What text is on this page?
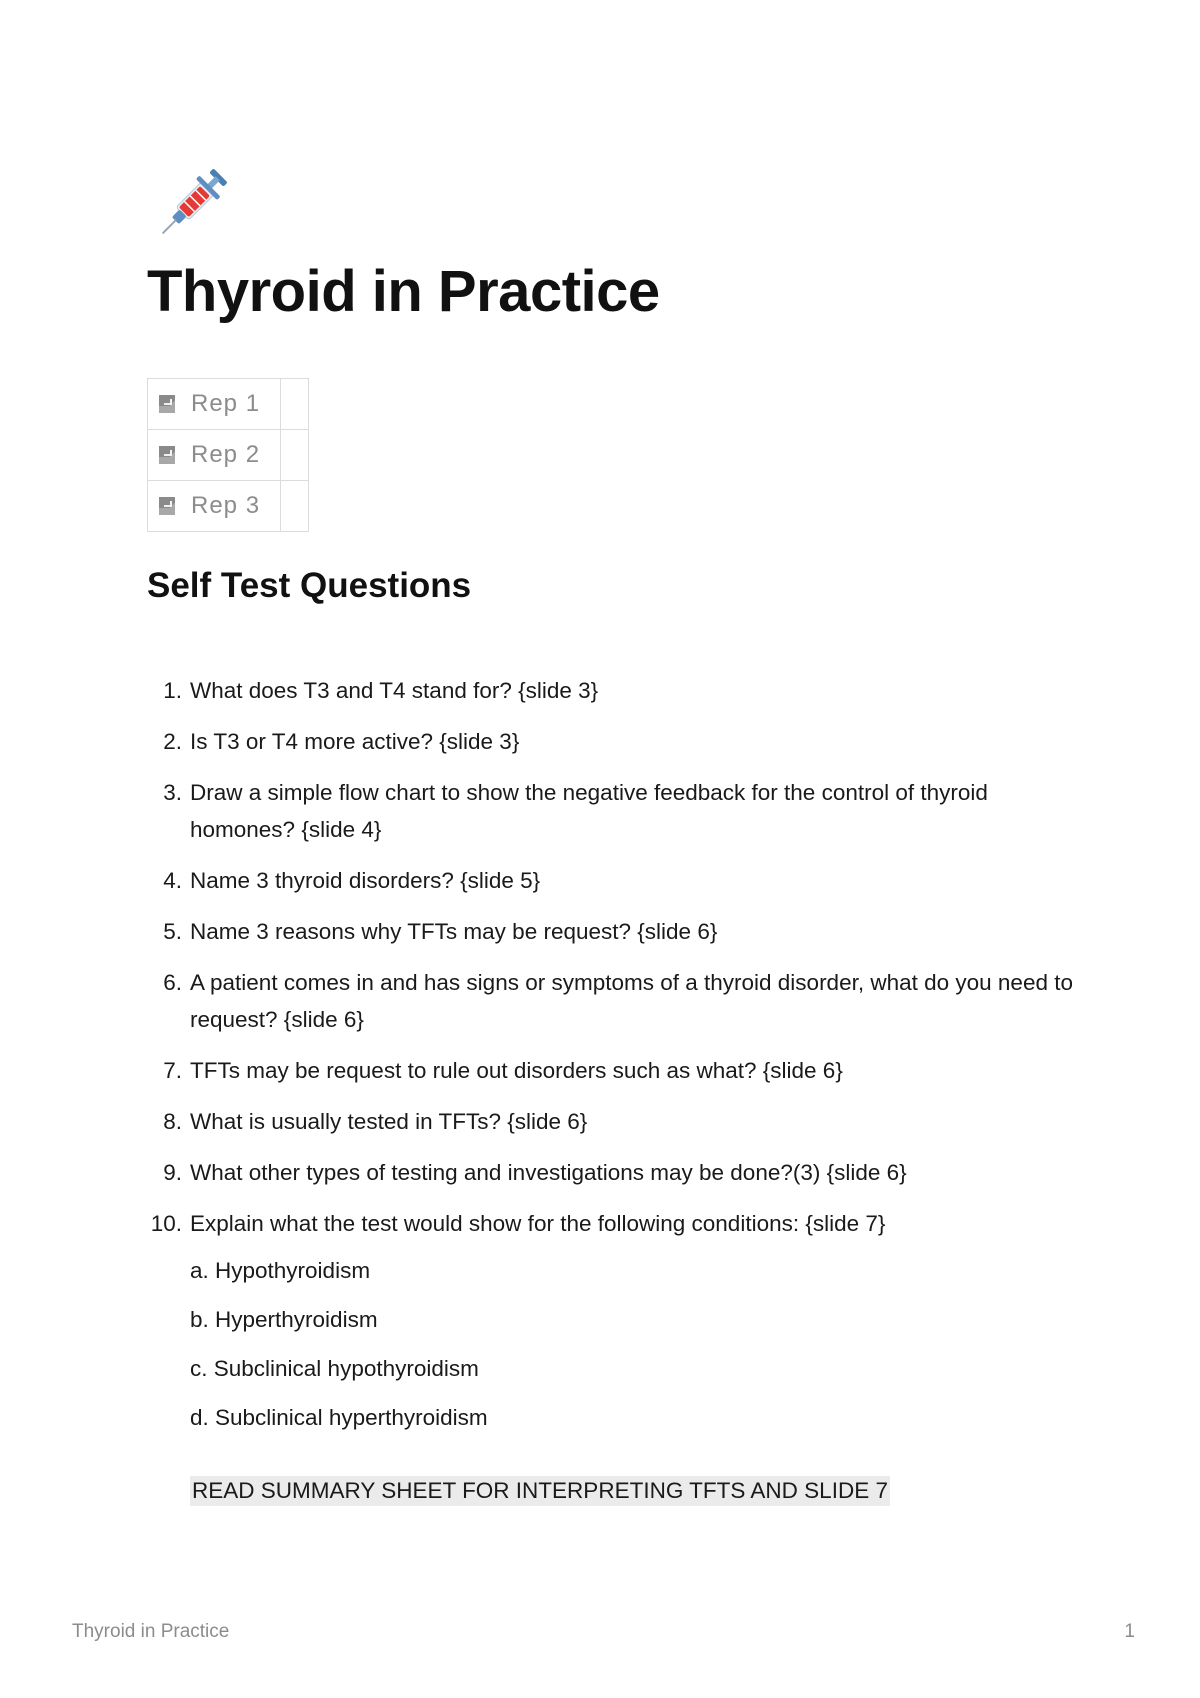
Thyroid in Practice
Rep 1	

Rep 2	

Rep 3	

Self Test Questions
1. What does T3 and T4 stand for? {slide 3}
2. Is T3 or T4 more active? {slide 3}
3. Draw a simple flow chart to show the negative feedback for the control of thyroid homones? {slide 4}
4. Name 3 thyroid disorders? {slide 5}
5. Name 3 reasons why TFTs may be request? {slide 6}
6. A patient comes in and has signs or symptoms of a thyroid disorder, what do you need to request? {slide 6}
7. TFTs may be request to rule out disorders such as what? {slide 6}
8. What is usually tested in TFTs? {slide 6}
9. What other types of testing and investigations may be done?(3) {slide 6}
10. Explain what the test would show for the following conditions: {slide 7}
a. Hypothyroidism
b. Hyperthyroidism
c. Subclinical hypothyroidism
d. Subclinical hyperthyroidism

READ SUMMARY SHEET FOR INTERPRETING TFTS AND SLIDE 7

Thyroid in Practice	1
